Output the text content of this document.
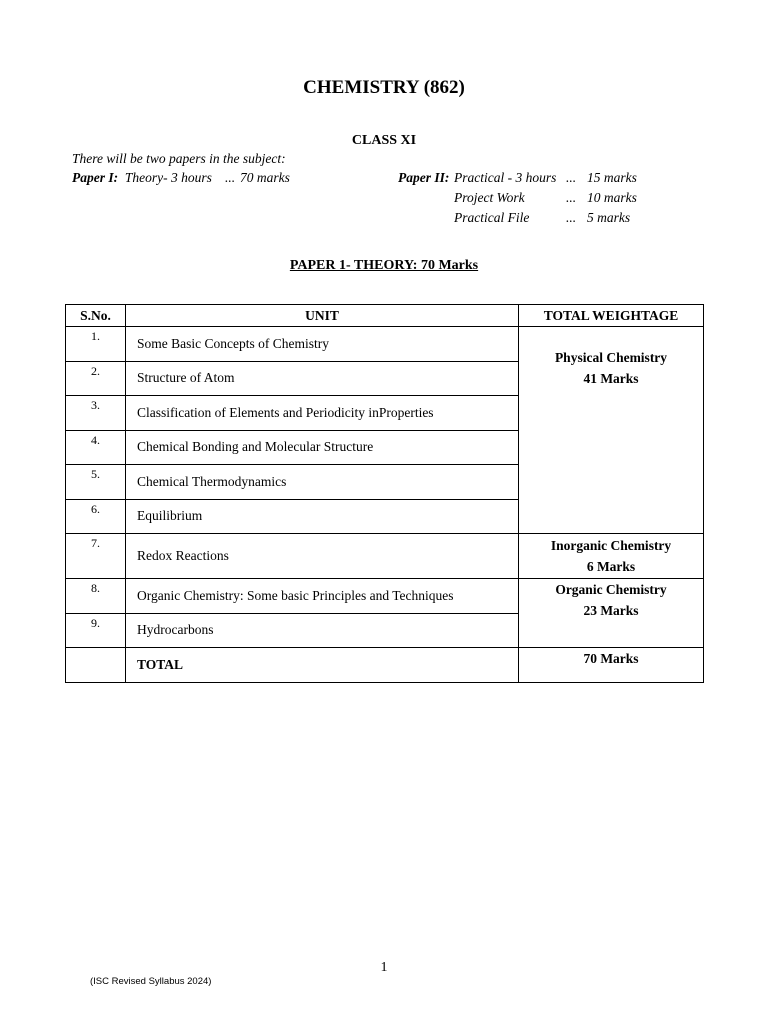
CHEMISTRY (862)
CLASS XI
There will be two papers in the subject:
Paper I: Theory- 3 hours ... 70 marks	Paper II: Practical - 3 hours ... 15 marks
Project Work	... 10 marks
Practical File	... 5 marks
PAPER 1- THEORY: 70 Marks
S.No.	UNIT	TOTAL WEIGHTAGE
1.	Some Basic Concepts of Chemistry	Physical Chemistry
41 Marks

2.	Structure of Atom	
3.	Classification of Elements and Periodicity inProperties	
4.	Chemical Bonding and Molecular Structure	
5.	Chemical Thermodynamics	
6.	Equilibrium	
7.	Redox Reactions	Inorganic Chemistry
6 Marks

8.	Organic Chemistry: Some basic Principles and Techniques	Organic Chemistry
23 Marks

9.	Hydrocarbons	
	TOTAL	70 Marks
1
(ISC Revised Syllabus 2024)
